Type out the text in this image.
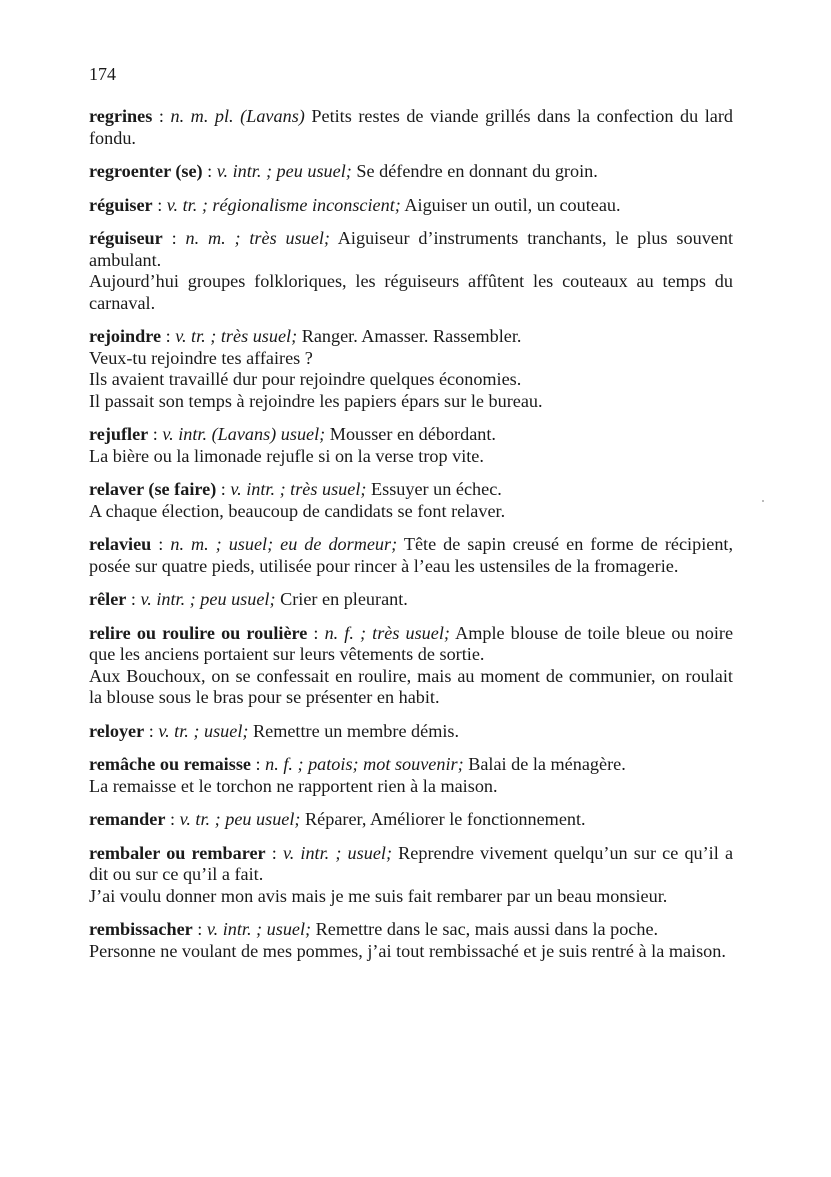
174

regrines : n. m. pl. (Lavans) Petits restes de viande grillés dans la confection du lard fondu.

regroenter (se) : v. intr. ; peu usuel; Se défendre en donnant du groin.

réguiser : v. tr. ; régionalisme inconscient; Aiguiser un outil, un couteau.

réguiseur : n. m. ; très usuel; Aiguiseur d’instruments tranchants, le plus souvent ambulant.

Aujourd’hui groupes folkloriques, les réguiseurs affûtent les couteaux au temps du carnaval.

rejoindre : v. tr. ; très usuel; Ranger. Amasser. Rassembler.

Veux-tu rejoindre tes affaires ?

Ils avaient travaillé dur pour rejoindre quelques économies.

Il passait son temps à rejoindre les papiers épars sur le bureau.

rejufler : v. intr. (Lavans) usuel; Mousser en débordant.

La bière ou la limonade rejufle si on la verse trop vite.

relaver (se faire) : v. intr. ; très usuel; Essuyer un échec.

A chaque élection, beaucoup de candidats se font relaver.

relavieu : n. m. ; usuel; eu de dormeur; Tête de sapin creusé en forme de récipient, posée sur quatre pieds, utilisée pour rincer à l’eau les ustensiles de la fromagerie.

rêler : v. intr. ; peu usuel; Crier en pleurant.

relire ou roulire ou roulière : n. f. ; très usuel; Ample blouse de toile bleue ou noire que les anciens portaient sur leurs vêtements de sortie.

Aux Bouchoux, on se confessait en roulire, mais au moment de communier, on roulait la blouse sous le bras pour se présenter en habit.

reloyer : v. tr. ; usuel; Remettre un membre démis.

remâche ou remaisse : n. f. ; patois; mot souvenir; Balai de la ménagère.

La remaisse et le torchon ne rapportent rien à la maison.

remander : v. tr. ; peu usuel; Réparer, Améliorer le fonctionnement.

rembaler ou rembarer : v. intr. ; usuel; Reprendre vivement quelqu’un sur ce qu’il a dit ou sur ce qu’il a fait.

J’ai voulu donner mon avis mais je me suis fait rembarer par un beau monsieur.

rembissacher : v. intr. ; usuel; Remettre dans le sac, mais aussi dans la poche.

Personne ne voulant de mes pommes, j’ai tout rembissaché et je suis rentré à la maison.
